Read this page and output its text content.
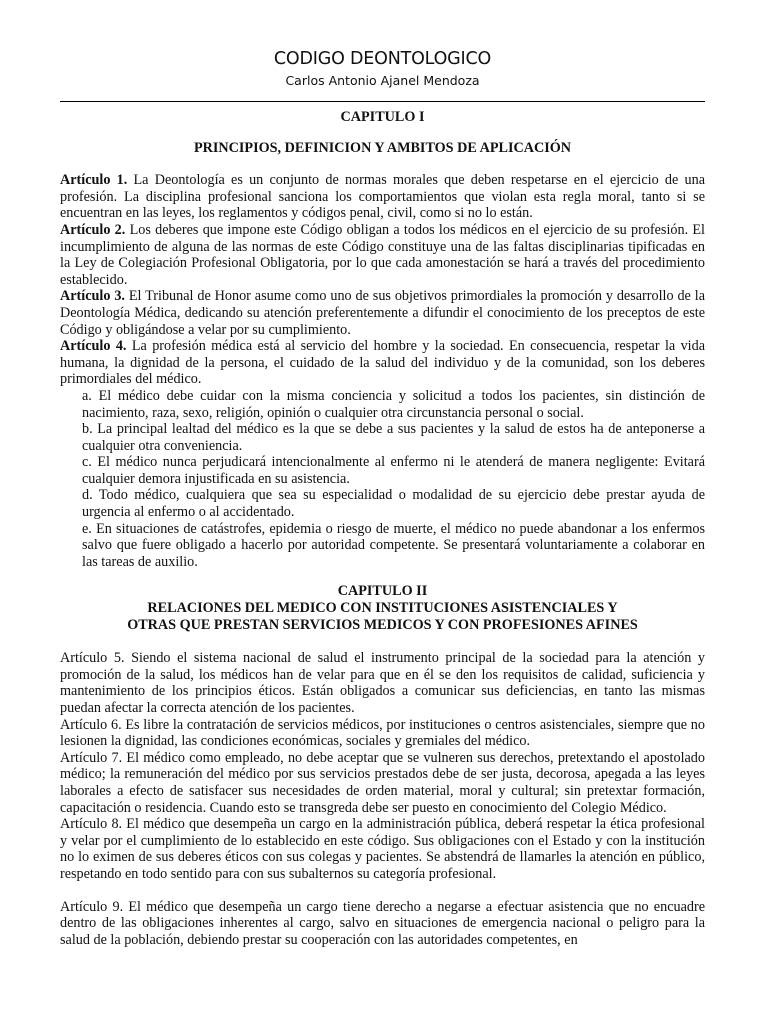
CODIGO DEONTOLOGICO
Carlos Antonio Ajanel Mendoza
CAPITULO I
PRINCIPIOS, DEFINICION Y AMBITOS DE APLICACIÓN

Artículo 1. La Deontología es un conjunto de normas morales que deben respetarse en el ejercicio de una profesión. La disciplina profesional sanciona los comportamientos que violan esta regla moral, tanto si se encuentran en las leyes, los reglamentos y códigos penal, civil, como si no lo están.

Artículo 2. Los deberes que impone este Código obligan a todos los médicos en el ejercicio de su profesión. El incumplimiento de alguna de las normas de este Código constituye una de las faltas disciplinarias tipificadas en la Ley de Colegiación Profesional Obligatoria, por lo que cada amonestación se hará a través del procedimiento establecido.

Artículo 3. El Tribunal de Honor asume como uno de sus objetivos primordiales la promoción y desarrollo de la Deontología Médica, dedicando su atención preferentemente a difundir el conocimiento de los preceptos de este Código y obligándose a velar por su cumplimiento.

Artículo 4. La profesión médica está al servicio del hombre y la sociedad. En consecuencia, respetar la vida humana, la dignidad de la persona, el cuidado de la salud del individuo y de la comunidad, son los deberes primordiales del médico.

a. El médico debe cuidar con la misma conciencia y solicitud a todos los pacientes, sin distinción de nacimiento, raza, sexo, religión, opinión o cualquier otra circunstancia personal o social.

b. La principal lealtad del médico es la que se debe a sus pacientes y la salud de estos ha de anteponerse a cualquier otra conveniencia.

c. El médico nunca perjudicará intencionalmente al enfermo ni le atenderá de manera negligente: Evitará cualquier demora injustificada en su asistencia.

d. Todo médico, cualquiera que sea su especialidad o modalidad de su ejercicio debe prestar ayuda de urgencia al enfermo o al accidentado.

e. En situaciones de catástrofes, epidemia o riesgo de muerte, el médico no puede abandonar a los enfermos salvo que fuere obligado a hacerlo por autoridad competente. Se presentará voluntariamente a colaborar en las tareas de auxilio.

CAPITULO II
RELACIONES DEL MEDICO CON INSTITUCIONES ASISTENCIALES Y
OTRAS QUE PRESTAN SERVICIOS MEDICOS Y CON PROFESIONES AFINES

Artículo 5. Siendo el sistema nacional de salud el instrumento principal de la sociedad para la atención y promoción de la salud, los médicos han de velar para que en él se den los requisitos de calidad, suficiencia y mantenimiento de los principios éticos. Están obligados a comunicar sus deficiencias, en tanto las mismas puedan afectar la correcta atención de los pacientes.

Artículo 6. Es libre la contratación de servicios médicos, por instituciones o centros asistenciales, siempre que no lesionen la dignidad, las condiciones económicas, sociales y gremiales del médico.

Artículo 7. El médico como empleado, no debe aceptar que se vulneren sus derechos, pretextando el apostolado médico; la remuneración del médico por sus servicios prestados debe de ser justa, decorosa, apegada a las leyes laborales a efecto de satisfacer sus necesidades de orden material, moral y cultural; sin pretextar formación, capacitación o residencia. Cuando esto se transgreda debe ser puesto en conocimiento del Colegio Médico.

Artículo 8. El médico que desempeña un cargo en la administración pública, deberá respetar la ética profesional y velar por el cumplimiento de lo establecido en este código. Sus obligaciones con el Estado y con la institución no lo eximen de sus deberes éticos con sus colegas y pacientes. Se abstendrá de llamarles la atención en público, respetando en todo sentido para con sus subalternos su categoría profesional.

Artículo 9. El médico que desempeña un cargo tiene derecho a negarse a efectuar asistencia que no encuadre dentro de las obligaciones inherentes al cargo, salvo en situaciones de emergencia nacional o peligro para la salud de la población, debiendo prestar su cooperación con las autoridades competentes, en
